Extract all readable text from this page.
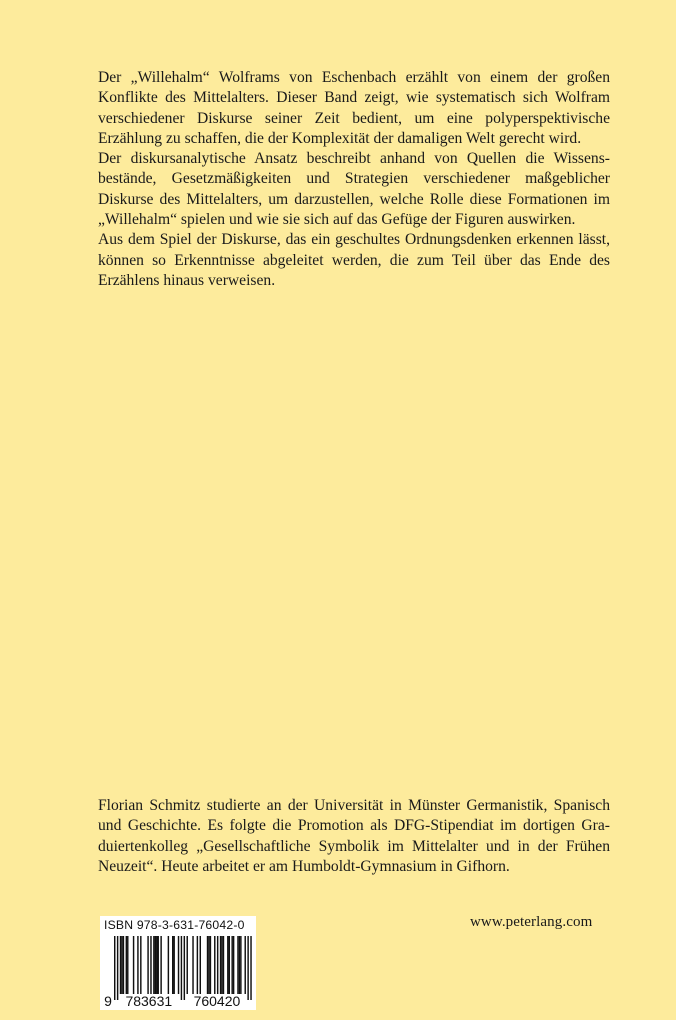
Der „Willehalm“ Wolframs von Eschenbach erzählt von einem der großen Konflikte des Mittelalters. Dieser Band zeigt, wie systematisch sich Wolfram verschiedener Diskurse seiner Zeit bedient, um eine polyperspektivische Erzählung zu schaffen, die der Komplexität der damaligen Welt gerecht wird.

Der diskursanalytische Ansatz beschreibt anhand von Quellen die Wissensbestände, Gesetzmäßigkeiten und Strategien verschiedener maßgeblicher Diskurse des Mittelalters, um darzustellen, welche Rolle diese Formationen im „Willehalm“ spielen und wie sie sich auf das Gefüge der Figuren auswirken.

Aus dem Spiel der Diskurse, das ein geschultes Ordnungsdenken erkennen lässt, können so Erkenntnisse abgeleitet werden, die zum Teil über das Ende des Erzählens hinaus verweisen.

Florian Schmitz studierte an der Universität in Münster Germanistik, Spanisch und Geschichte. Es folgte die Promotion als DFG-Stipendiat im dortigen Graduiertenkolleg „Gesellschaftliche Symbolik im Mittelalter und in der Frühen Neuzeit“. Heute arbeitet er am Humboldt-Gymnasium in Gifhorn.

ISBN 978-3-631-76042-0
9 783631 760420
www.peterlang.com
